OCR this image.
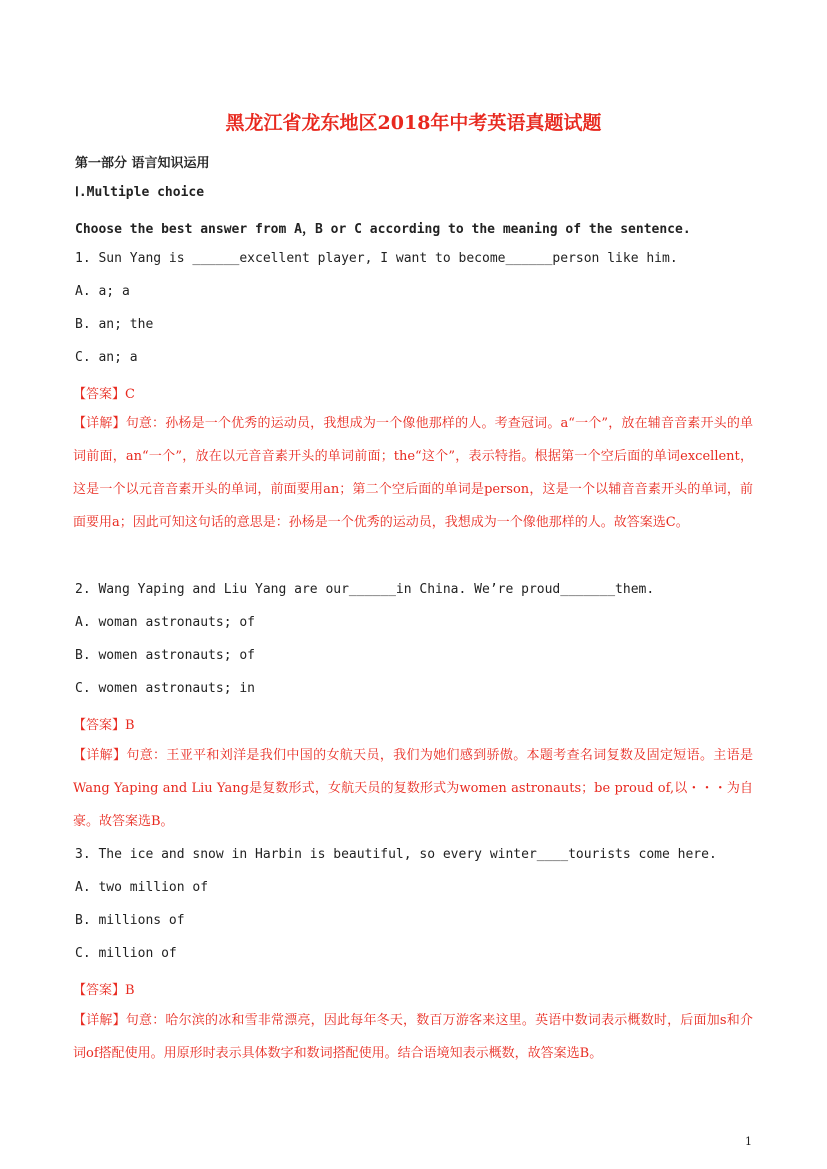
黑龙江省龙东地区2018年中考英语真题试题
第一部分 语言知识运用
Ⅰ.Multiple choice
Choose the best answer from A，B or C according to the meaning of the sentence.
1. Sun Yang is ______excellent player, I want to become______person like him.
A. a; a
B. an; the
C. an; a
【答案】C
【详解】句意：孙杨是一个优秀的运动员，我想成为一个像他那样的人。考查冠词。a“一个”，放在辅音音素开头的单词前面，an“一个”，放在以元音音素开头的单词前面；the“这个”，表示特指。根据第一个空后面的单词excellent，这是一个以元音音素开头的单词，前面要用an；第二个空后面的单词是person，这是一个以辅音音素开头的单词，前面要用a；因此可知这句话的意思是：孙杨是一个优秀的运动员，我想成为一个像他那样的人。故答案选C。
2. Wang Yaping and Liu Yang are our______in China. We’re proud_______them.
A. woman astronauts; of
B. women astronauts; of
C. women astronauts; in
【答案】B
【详解】句意：王亚平和刘洋是我们中国的女航天员，我们为她们感到骄傲。本题考查名词复数及固定短语。主语是Wang Yaping and Liu Yang是复数形式，女航天员的复数形式为women astronauts；be proud of,以・・・为自豪。故答案选B。
3. The ice and snow in Harbin is beautiful, so every winter____tourists come here.
A. two million of
B. millions of
C. million of
【答案】B
【详解】句意：哈尔滨的冰和雪非常漂亮，因此每年冬天，数百万游客来这里。英语中数词表示概数时，后面加s和介词of搭配使用。用原形时表示具体数字和数词搭配使用。结合语境知表示概数，故答案选B。
1
